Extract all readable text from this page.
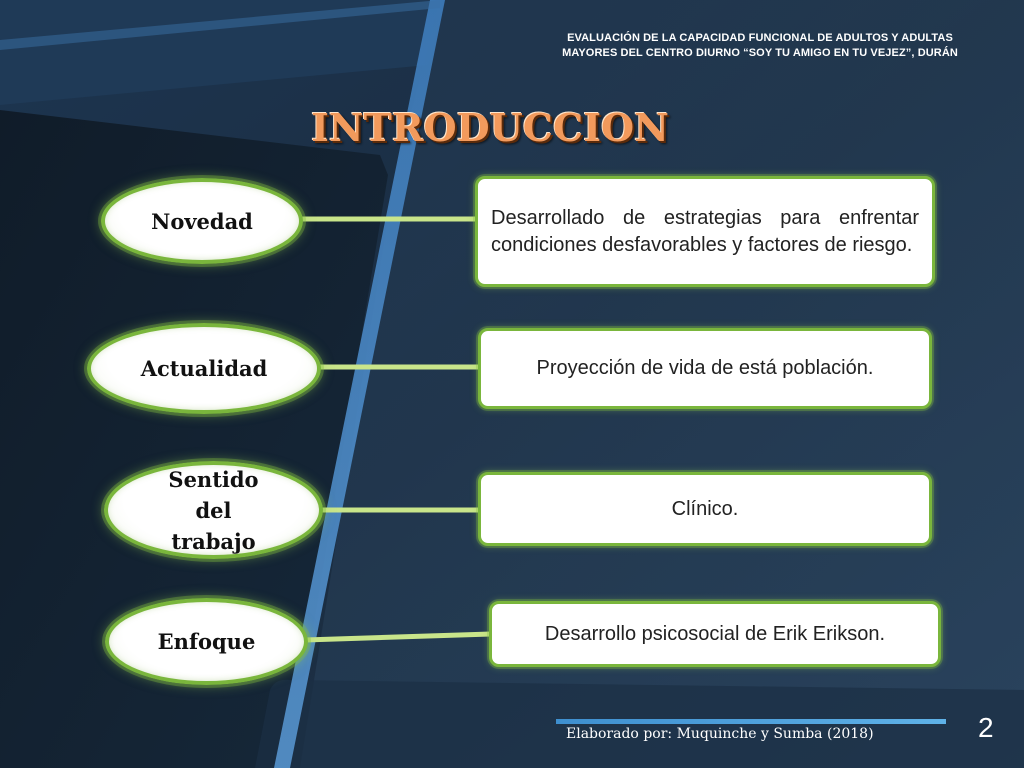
EVALUACIÓN DE LA CAPACIDAD FUNCIONAL DE ADULTOS Y ADULTAS
MAYORES DEL CENTRO DIURNO “SOY TU AMIGO EN TU VEJEZ”, DURÁN
INTRODUCCION
Novedad	Desarrollado de estrategias para enfrentar condiciones desfavorables y factores de riesgo.
Actualidad	Proyección de vida de está población.
Sentido
del
trabajo
Clínico.
Enfoque	Desarrollo psicosocial de Erik Erikson.
Elaborado por: Muquinche y Sumba (2018)	2
